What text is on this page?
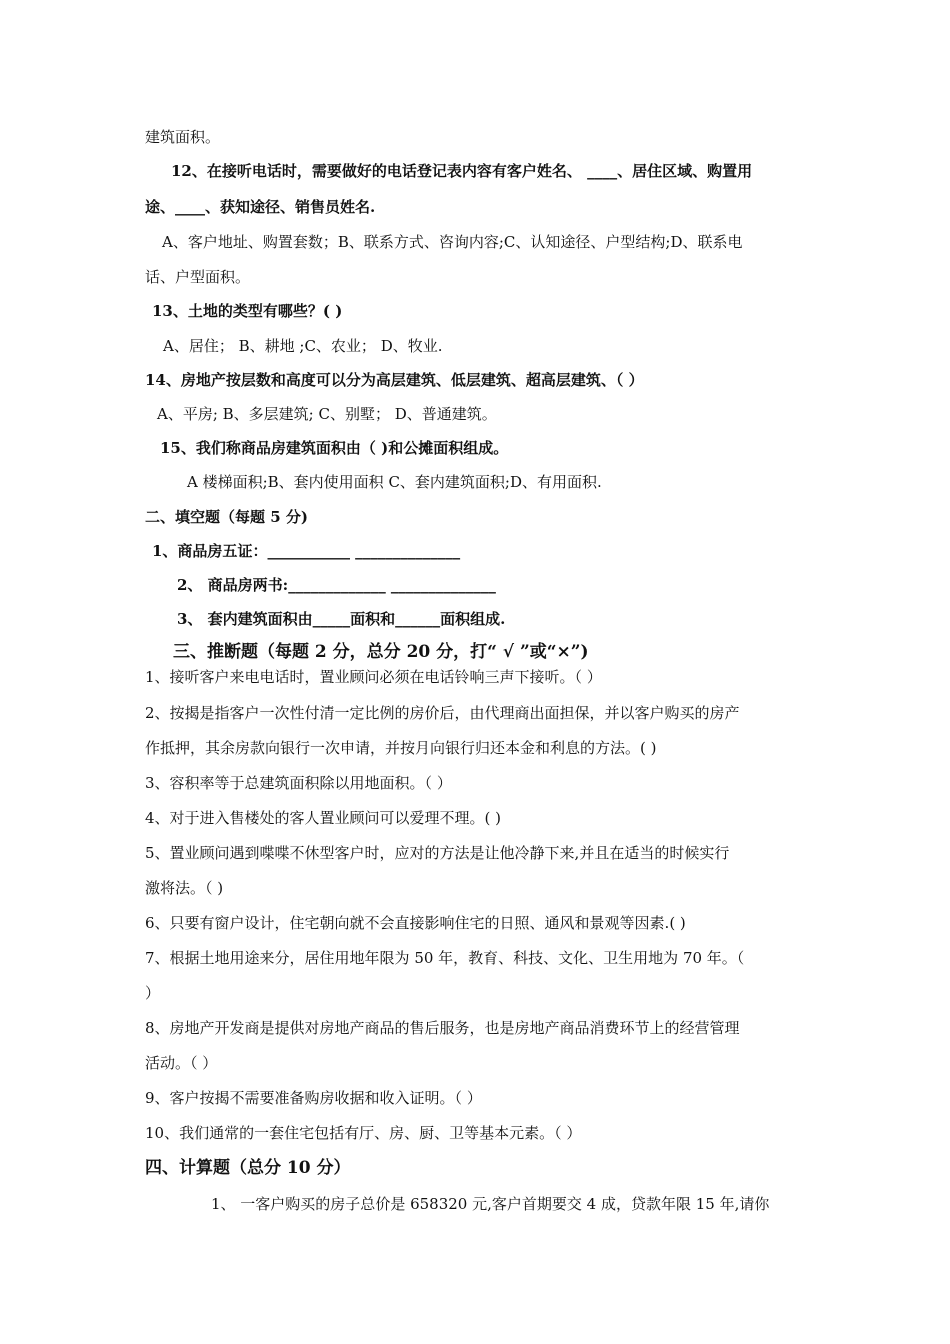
建筑面积。
12、在接听电话时，需要做好的电话登记表内容有客户姓名、 ____、居住区域、购置用
途、____、获知途径、销售员姓名.
A、客户地址、购置套数；B、联系方式、咨询内容;C、认知途径、户型结构;D、联系电
话、户型面积。
13、土地的类型有哪些？( )
A、居住； B、耕地 ;C、农业； D、牧业.
14、房地产按层数和高度可以分为高层建筑、低层建筑、超高层建筑、（ ）
A、平房; B、多层建筑; C、别墅； D、普通建筑。
15、我们称商品房建筑面积由（ )和公摊面积组成。
A 楼梯面积;B、套内使用面积 C、套内建筑面积;D、有用面积.
二、填空题（每题 5 分)
1、商品房五证：___________ ______________
2、 商品房两书:_____________ ______________
3、 套内建筑面积由_____面积和______面积组成.
三、推断题（每题 2 分，总分 20 分，打“ √ ”或“×”)
1、接听客户来电电话时，置业顾问必须在电话铃响三声下接听。（ ）
2、按揭是指客户一次性付清一定比例的房价后，由代理商出面担保，并以客户购买的房产
作抵押，其余房款向银行一次申请，并按月向银行归还本金和利息的方法。( )
3、容积率等于总建筑面积除以用地面积。（ ）
4、对于进入售楼处的客人置业顾问可以爱理不理。( )
5、置业顾问遇到喋喋不休型客户时，应对的方法是让他冷静下来,并且在适当的时候实行
激将法。（ )
6、只要有窗户设计，住宅朝向就不会直接影响住宅的日照、通风和景观等因素.( )
7、根据土地用途来分，居住用地年限为 50 年，教育、科技、文化、卫生用地为 70 年。（
）
8、房地产开发商是提供对房地产商品的售后服务，也是房地产商品消费环节上的经营管理
活动。（ ）
9、客户按揭不需要准备购房收据和收入证明。（ ）
10、我们通常的一套住宅包括有厅、房、厨、卫等基本元素。（ ）
四、计算题（总分 10 分）
1、 一客户购买的房子总价是 658320 元,客户首期要交 4 成，贷款年限 15 年,请你
